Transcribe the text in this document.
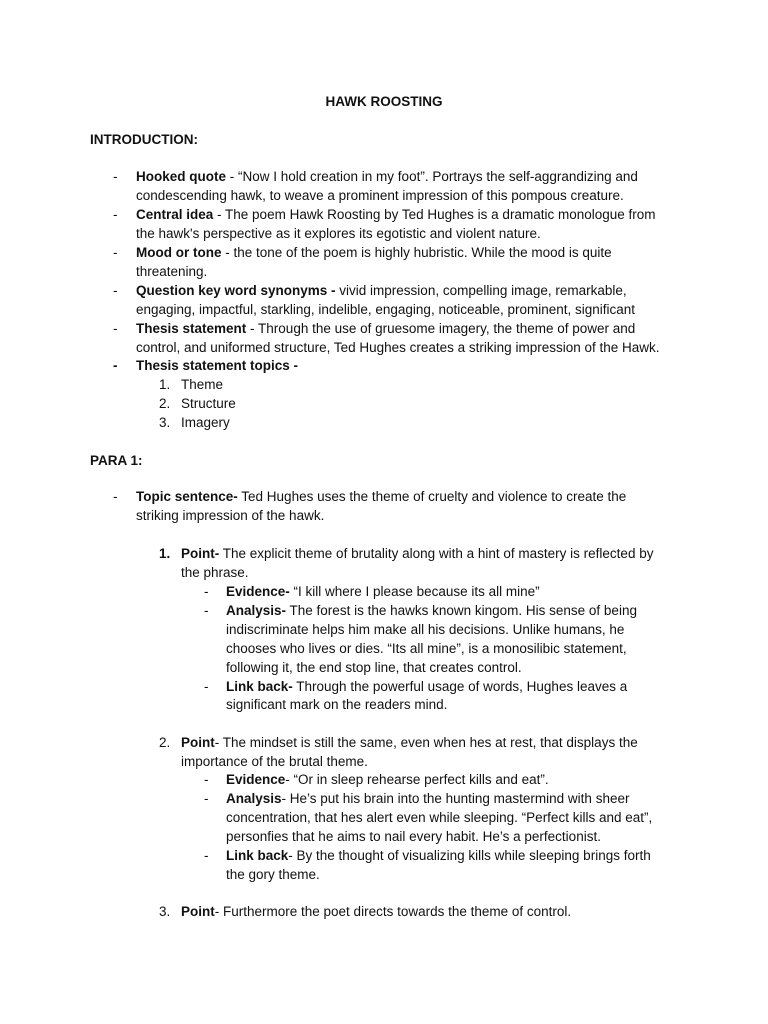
HAWK ROOSTING
INTRODUCTION:
- Hooked quote - “Now I hold creation in my foot”. Portrays the self-aggrandizing and
condescending hawk, to weave a prominent impression of this pompous creature.
- Central idea - The poem Hawk Roosting by Ted Hughes is a dramatic monologue from
the hawk's perspective as it explores its egotistic and violent nature.
- Mood or tone - the tone of the poem is highly hubristic. While the mood is quite
threatening.
- Question key word synonyms - vivid impression, compelling image, remarkable,
engaging, impactful, starkling, indelible, engaging, noticeable, prominent, significant
- Thesis statement - Through the use of gruesome imagery, the theme of power and
control, and uniformed structure, Ted Hughes creates a striking impression of the Hawk.
- Thesis statement topics -
1. Theme
2. Structure
3. Imagery
PARA 1:
- Topic sentence- Ted Hughes uses the theme of cruelty and violence to create the
striking impression of the hawk.
1. Point- The explicit theme of brutality along with a hint of mastery is reflected by
the phrase.
- Evidence- “I kill where I please because its all mine”
- Analysis- The forest is the hawks known kingom. His sense of being
indiscriminate helps him make all his decisions. Unlike humans, he
chooses who lives or dies. “Its all mine”, is a monosilibic statement,
following it, the end stop line, that creates control.
- Link back- Through the powerful usage of words, Hughes leaves a
significant mark on the readers mind.
2. Point- The mindset is still the same, even when hes at rest, that displays the
importance of the brutal theme.
- Evidence- “Or in sleep rehearse perfect kills and eat”.
- Analysis- He’s put his brain into the hunting mastermind with sheer
concentration, that hes alert even while sleeping. “Perfect kills and eat”,
personfies that he aims to nail every habit. He’s a perfectionist.
- Link back- By the thought of visualizing kills while sleeping brings forth
the gory theme.
3. Point- Furthermore the poet directs towards the theme of control.
